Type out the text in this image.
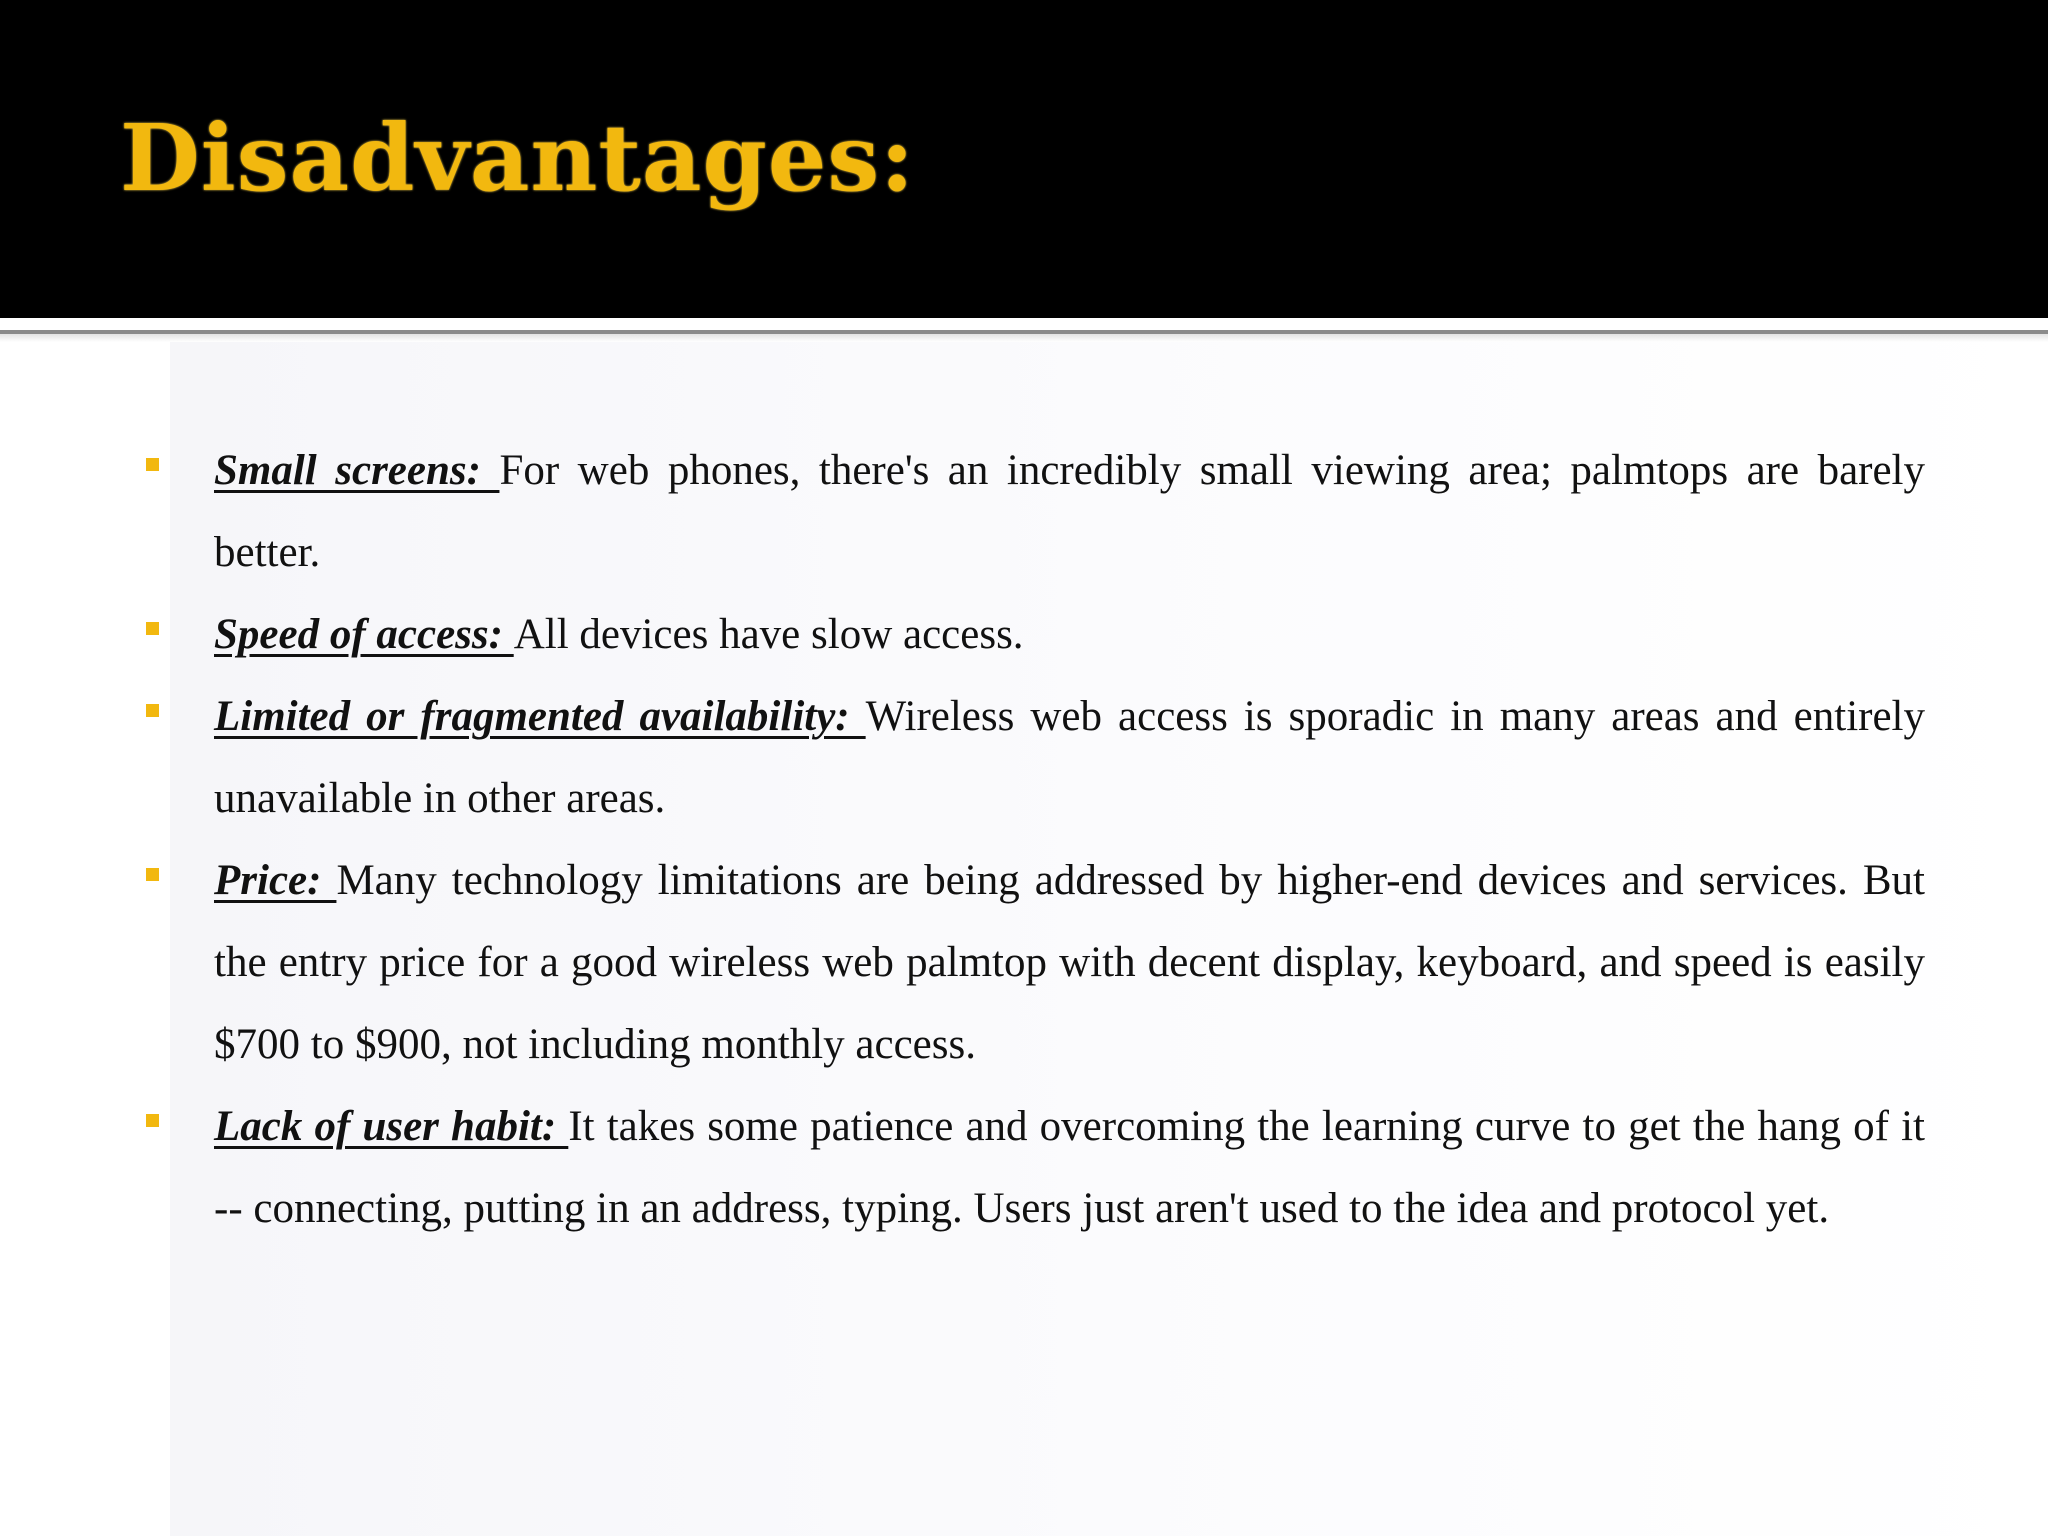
Disadvantages:
Small screens: For web phones, there's an incredibly small viewing area; palmtops are barely better.
Speed of access: All devices have slow access.
Limited or fragmented availability: Wireless web access is sporadic in many areas and entirely unavailable in other areas.
Price: Many technology limitations are being addressed by higher-end devices and services. But the entry price for a good wireless web palmtop with decent display, keyboard, and speed is easily $700 to $900, not including monthly access.
Lack of user habit: It takes some patience and overcoming the learning curve to get the hang of it -- connecting, putting in an address, typing. Users just aren't used to the idea and protocol yet.
